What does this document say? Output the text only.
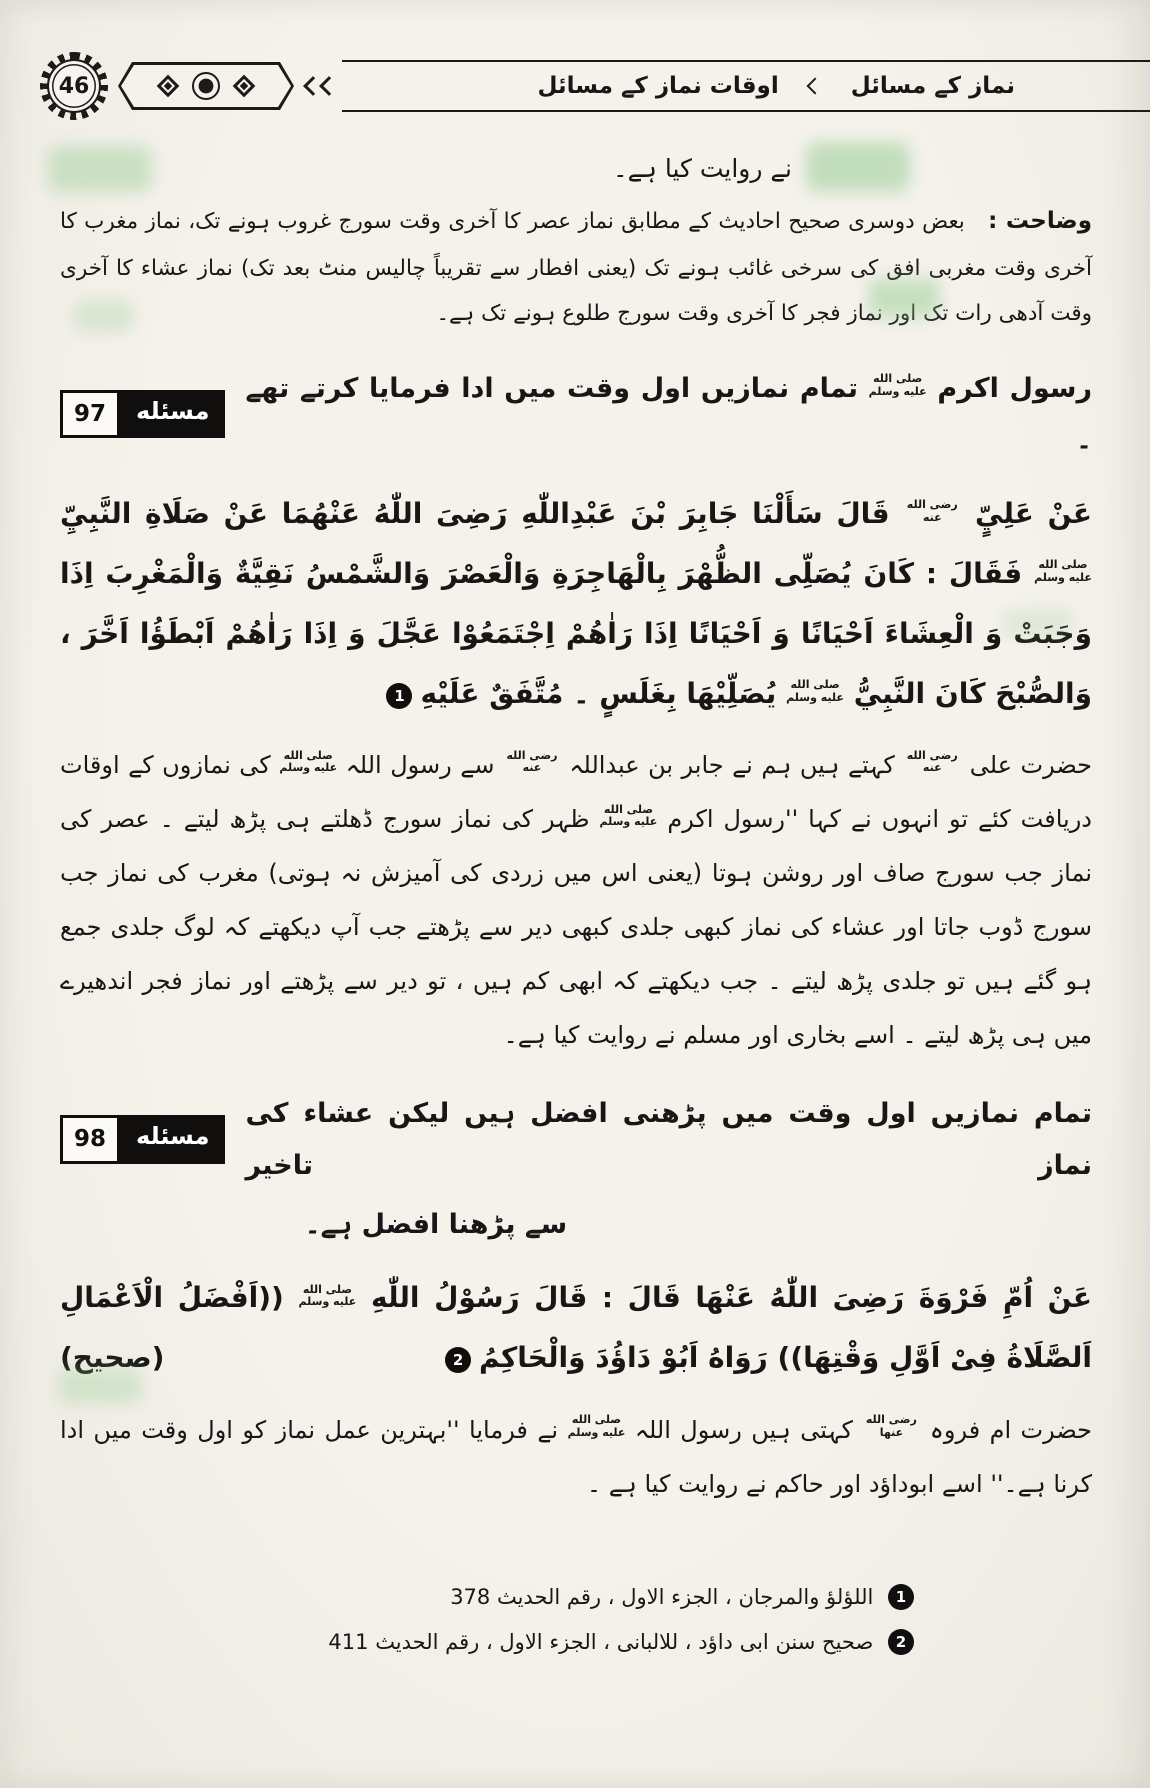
46	نماز کے مسائل
اوقات نماز کے مسائل

نے روایت کیا ہے۔

وضاحت : بعض دوسری صحیح احادیث کے مطابق نماز عصر کا آخری وقت سورج غروب ہونے تک، نماز مغرب کا آخری وقت مغربی افق کی سرخی غائب ہونے تک (یعنی افطار سے تقریباً چالیس منٹ بعد تک) نماز عشاء کا آخری وقت آدھی رات تک اور نماز فجر کا آخری وقت سورج طلوع ہونے تک ہے۔

رسول اکرم صلى الله عليه وسلم تمام نمازیں اول وقت میں ادا فرمایا کرتے تھے ۔
مسئله
97

عَنْ عَلِيٍّ رضى الله عنه قَالَ سَأَلْنَا جَابِرَ بْنَ عَبْدِاللّٰهِ رَضِىَ اللّٰهُ عَنْهُمَا عَنْ صَلَاةِ النَّبِيِّ صلى الله عليه وسلم فَقَالَ : كَانَ يُصَلِّى الظُّهْرَ بِالْهَاجِرَةِ وَالْعَصْرَ وَالشَّمْسُ نَقِيَّةٌ وَالْمَغْرِبَ اِذَا وَجَبَتْ وَ الْعِشَاءَ اَحْيَانًا وَ اَحْيَانًا اِذَا رَاٰهُمْ اِجْتَمَعُوْا عَجَّلَ وَ اِذَا رَاٰهُمْ اَبْطَؤُا اَخَّرَ ، وَالصُّبْحَ كَانَ النَّبِيُّ صلى الله عليه وسلم يُصَلِّيْهَا بِغَلَسٍ ۔ مُتَّفَقٌ عَلَيْهِ1

حضرت علی رضى الله عنه کہتے ہیں ہم نے جابر بن عبداللہ رضى الله عنه سے رسول اللہ صلى الله عليه وسلم کی نمازوں کے اوقات دریافت کئے تو انہوں نے کہا ''رسول اکرم صلى الله عليه وسلم ظہر کی نماز سورج ڈھلتے ہی پڑھ لیتے ۔ عصر کی نماز جب سورج صاف اور روشن ہوتا (یعنی اس میں زردی کی آمیزش نہ ہوتی) مغرب کی نماز جب سورج ڈوب جاتا اور عشاء کی نماز کبھی جلدی کبھی دیر سے پڑھتے جب آپ دیکھتے کہ لوگ جلدی جمع ہو گئے ہیں تو جلدی پڑھ لیتے ۔ جب دیکھتے کہ ابھی کم ہیں ، تو دیر سے پڑھتے اور نماز فجر اندھیرے میں ہی پڑھ لیتے ۔ اسے بخاری اور مسلم نے روایت کیا ہے۔

تمام نمازیں اول وقت میں پڑھنی افضل ہیں لیکن عشاء کی نماز تاخیر
مسئله
98
سے پڑھنا افضل ہے۔

عَنْ اُمِّ فَرْوَةَ رَضِىَ اللّٰهُ عَنْهَا قَالَ : قَالَ رَسُوْلُ اللّٰهِ صلى الله عليه وسلم ((اَفْضَلُ الْاَعْمَالِ اَلصَّلَاةُ فِىْ اَوَّلِ وَقْتِهَا)) رَوَاهُ اَبُوْ دَاؤُدَ وَالْحَاكِمُ2
(صحیح)

حضرت ام فروہ رضى الله عنها کہتی ہیں رسول اللہ صلى الله عليه وسلم نے فرمایا ''بہترین عمل نماز کو اول وقت میں ادا کرنا ہے۔'' اسے ابوداؤد اور حاکم نے روایت کیا ہے ۔

1 اللؤلؤ والمرجان ، الجزء الاول ، رقم الحدیث 378

2 صحیح سنن ابی داؤد ، للالبانی ، الجزء الاول ، رقم الحدیث 411
